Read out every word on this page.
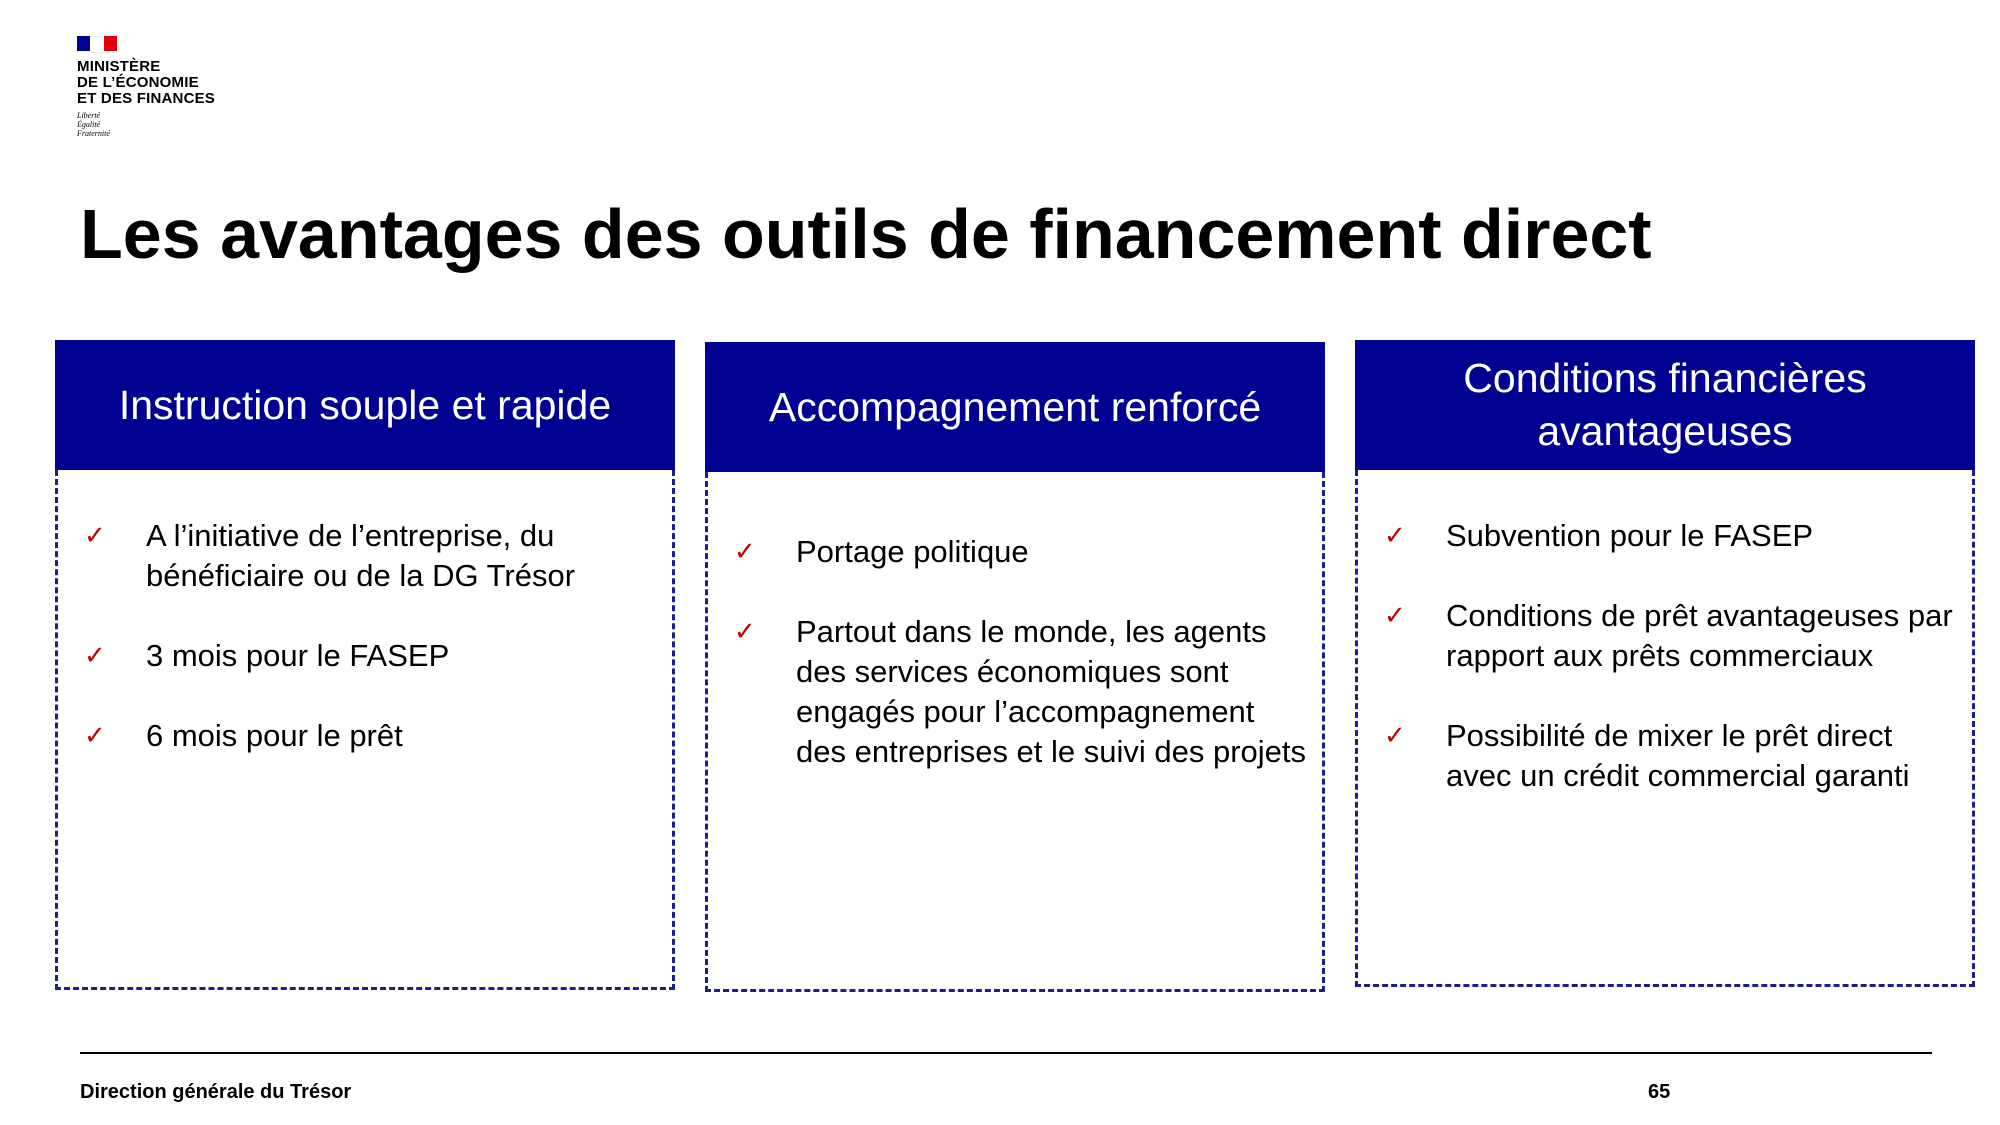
MINISTÈRE
DE L’ÉCONOMIE
ET DES FINANCES
Liberté
Égalité
Fraternité
Les avantages des outils de financement direct
Instruction souple et rapide
✓	A l’initiative de l’entreprise, du bénéficiaire ou de la DG Trésor
✓	3 mois pour le FASEP
✓	6 mois pour le prêt
Accompagnement renforcé
✓	Portage politique
✓	Partout dans le monde, les agents des services économiques sont engagés pour l’accompagnement des entreprises et le suivi des projets
Conditions financières avantageuses
✓	Subvention pour le FASEP
✓	Conditions de prêt avantageuses par rapport aux prêts commerciaux
✓	Possibilité de mixer le prêt direct avec un crédit commercial garanti
Direction générale du Trésor	65
